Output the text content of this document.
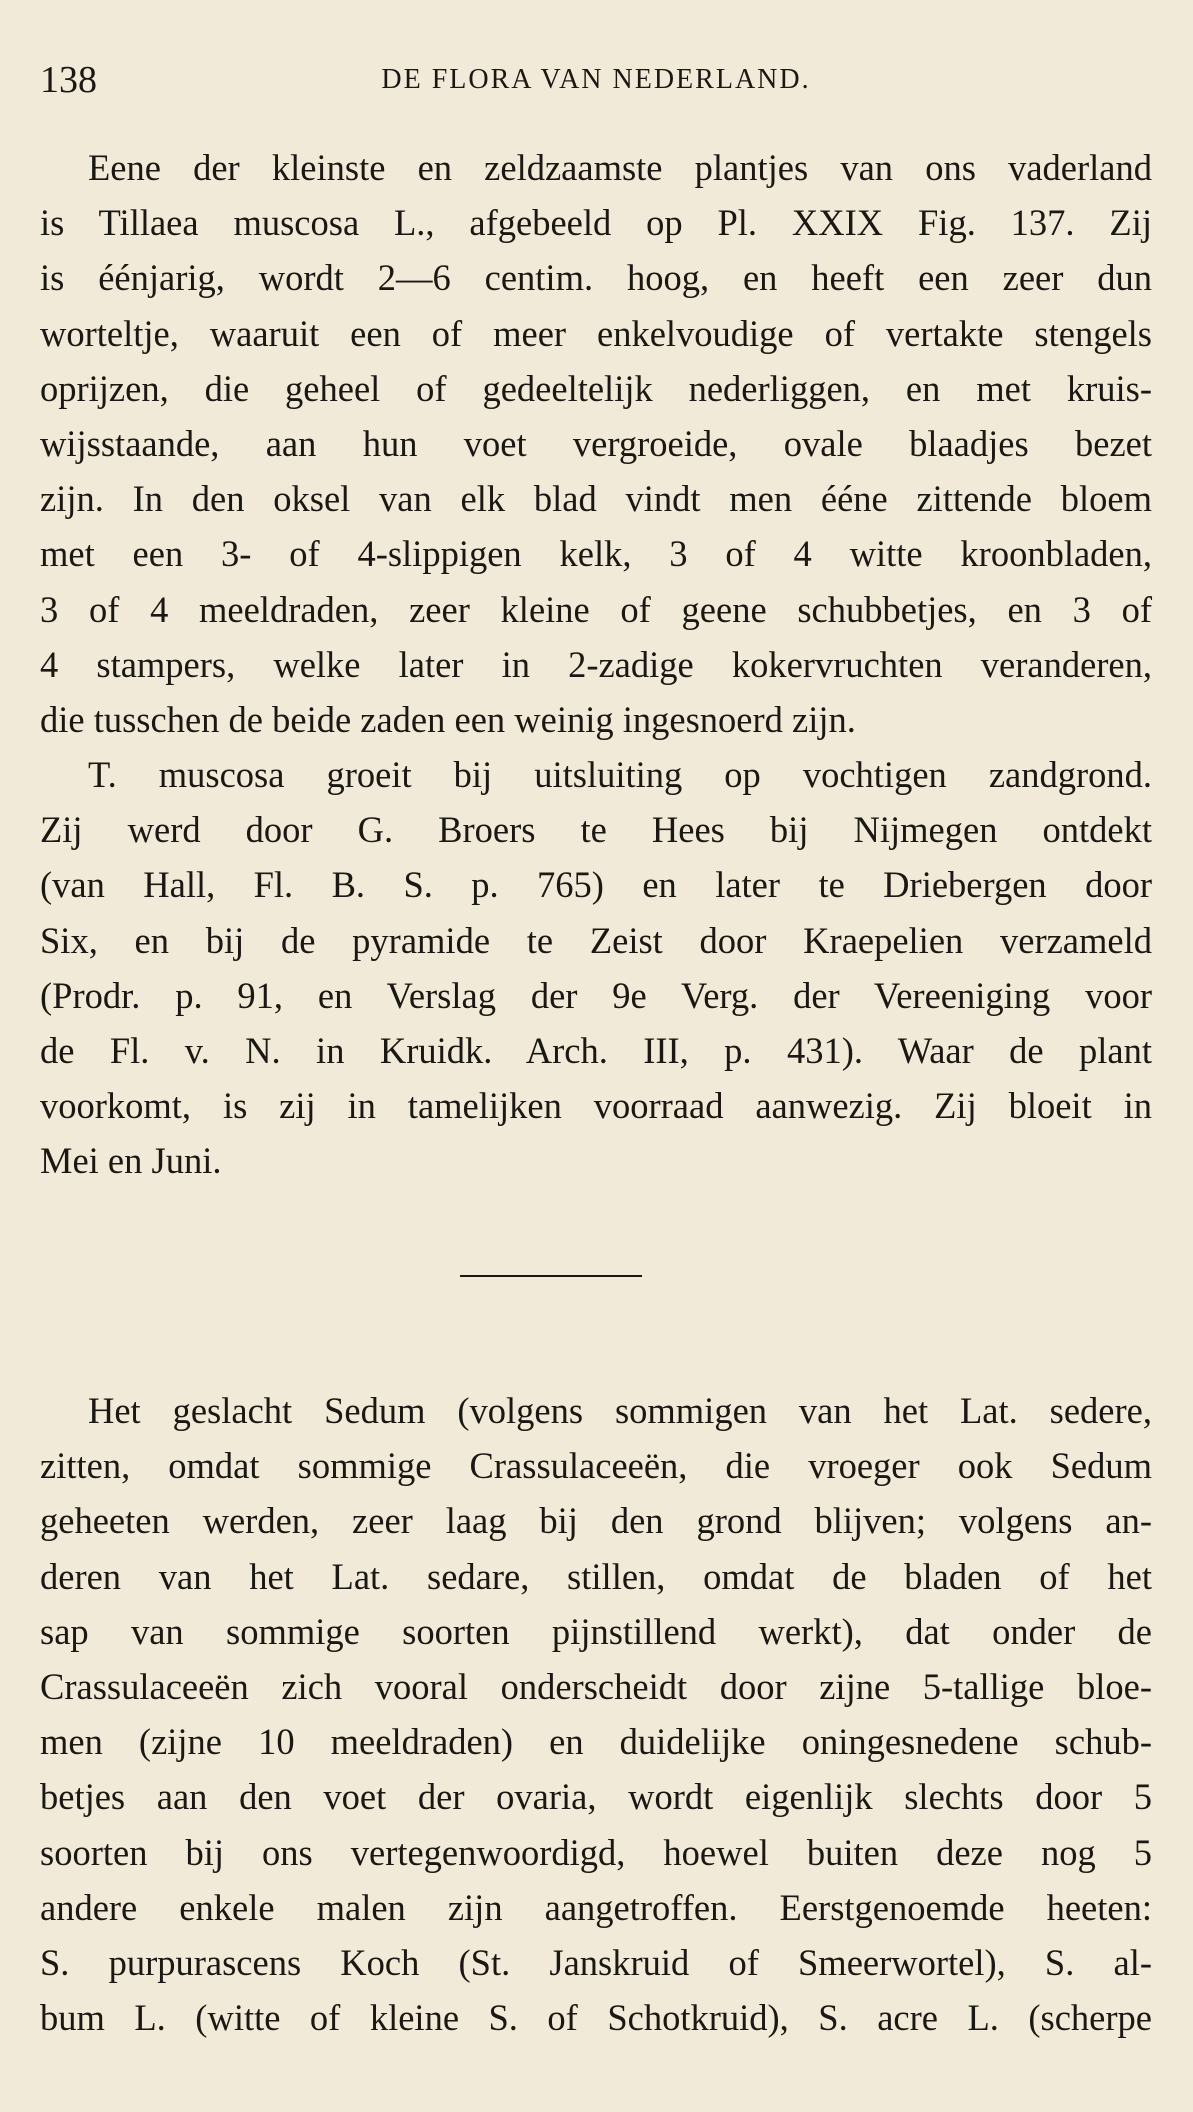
138	DE FLORA VAN NEDERLAND.

Eene der kleinste en zeldzaamste plantjes van ons vaderland
is Tillaea muscosa L., afgebeeld op Pl. XXIX Fig. 137. Zij
is éénjarig, wordt 2—6 centim. hoog, en heeft een zeer dun
worteltje, waaruit een of meer enkelvoudige of vertakte stengels
oprijzen, die geheel of gedeeltelijk nederliggen, en met kruis-
wijsstaande, aan hun voet vergroeide, ovale blaadjes bezet
zijn. In den oksel van elk blad vindt men ééne zittende bloem
met een 3- of 4-slippigen kelk, 3 of 4 witte kroonbladen,
3 of 4 meeldraden, zeer kleine of geene schubbetjes, en 3 of
4 stampers, welke later in 2-zadige kokervruchten veranderen,
die tusschen de beide zaden een weinig ingesnoerd zijn.

T. muscosa groeit bij uitsluiting op vochtigen zandgrond.
Zij werd door G. Broers te Hees bij Nijmegen ontdekt
(van Hall, Fl. B. S. p. 765) en later te Driebergen door
Six, en bij de pyramide te Zeist door Kraepelien verzameld
(Prodr. p. 91, en Verslag der 9e Verg. der Vereeniging voor
de Fl. v. N. in Kruidk. Arch. III, p. 431). Waar de plant
voorkomt, is zij in tamelijken voorraad aanwezig. Zij bloeit in
Mei en Juni.

Het geslacht Sedum (volgens sommigen van het Lat. sedere,
zitten, omdat sommige Crassulaceeën, die vroeger ook Sedum
geheeten werden, zeer laag bij den grond blijven; volgens an-
deren van het Lat. sedare, stillen, omdat de bladen of het
sap van sommige soorten pijnstillend werkt), dat onder de
Crassulaceeën zich vooral onderscheidt door zijne 5-tallige bloe-
men (zijne 10 meeldraden) en duidelijke oningesnedene schub-
betjes aan den voet der ovaria, wordt eigenlijk slechts door 5
soorten bij ons vertegenwoordigd, hoewel buiten deze nog 5
andere enkele malen zijn aangetroffen. Eerstgenoemde heeten:
S. purpurascens Koch (St. Janskruid of Smeerwortel), S. al-
bum L. (witte of kleine S. of Schotkruid), S. acre L. (scherpe
